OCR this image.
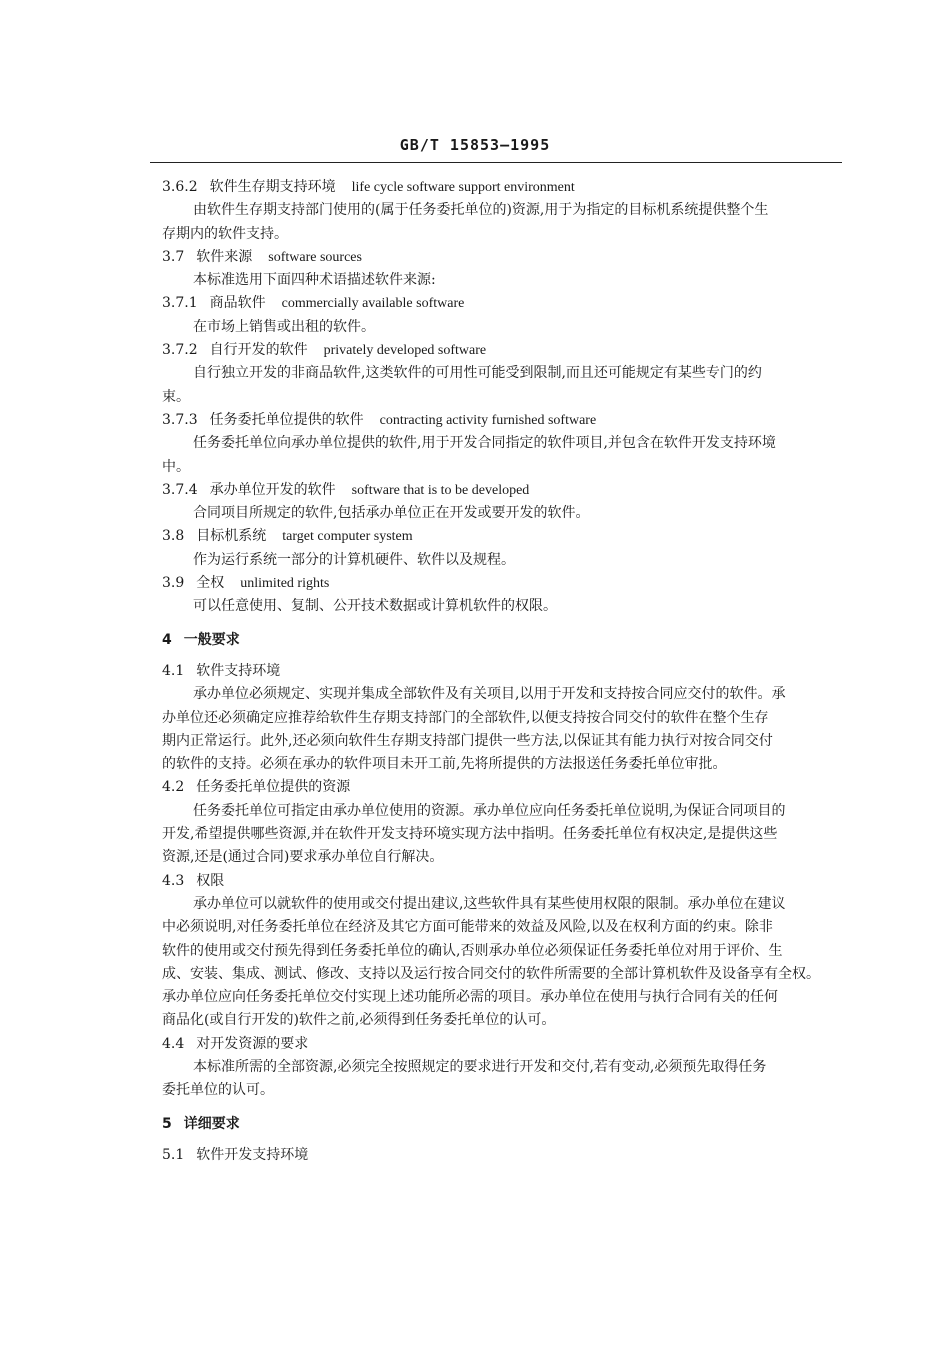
GB/T 15853—1995
3.6.2 软件生存期支持环境 life cycle software support environment
由软件生存期支持部门使用的(属于任务委托单位的)资源,用于为指定的目标机系统提供整个生
存期内的软件支持。
3.7 软件来源 software sources
本标准选用下面四种术语描述软件来源:
3.7.1 商品软件 commercially available software
在市场上销售或出租的软件。
3.7.2 自行开发的软件 privately developed software
自行独立开发的非商品软件,这类软件的可用性可能受到限制,而且还可能规定有某些专门的约
束。
3.7.3 任务委托单位提供的软件 contracting activity furnished software
任务委托单位向承办单位提供的软件,用于开发合同指定的软件项目,并包含在软件开发支持环境
中。
3.7.4 承办单位开发的软件 software that is to be developed
合同项目所规定的软件,包括承办单位正在开发或要开发的软件。
3.8 目标机系统 target computer system
作为运行系统一部分的计算机硬件、软件以及规程。
3.9 全权 unlimited rights
可以任意使用、复制、公开技术数据或计算机软件的权限。
4 一般要求
4.1 软件支持环境
承办单位必须规定、实现并集成全部软件及有关项目,以用于开发和支持按合同应交付的软件。承
办单位还必须确定应推荐给软件生存期支持部门的全部软件,以便支持按合同交付的软件在整个生存
期内正常运行。此外,还必须向软件生存期支持部门提供一些方法,以保证其有能力执行对按合同交付
的软件的支持。必须在承办的软件项目未开工前,先将所提供的方法报送任务委托单位审批。
4.2 任务委托单位提供的资源
任务委托单位可指定由承办单位使用的资源。承办单位应向任务委托单位说明,为保证合同项目的
开发,希望提供哪些资源,并在软件开发支持环境实现方法中指明。任务委托单位有权决定,是提供这些
资源,还是(通过合同)要求承办单位自行解决。
4.3 权限
承办单位可以就软件的使用或交付提出建议,这些软件具有某些使用权限的限制。承办单位在建议
中必须说明,对任务委托单位在经济及其它方面可能带来的效益及风险,以及在权利方面的约束。除非
软件的使用或交付预先得到任务委托单位的确认,否则承办单位必须保证任务委托单位对用于评价、生
成、安装、集成、测试、修改、支持以及运行按合同交付的软件所需要的全部计算机软件及设备享有全权。
承办单位应向任务委托单位交付实现上述功能所必需的项目。承办单位在使用与执行合同有关的任何
商品化(或自行开发的)软件之前,必须得到任务委托单位的认可。
4.4 对开发资源的要求
本标准所需的全部资源,必须完全按照规定的要求进行开发和交付,若有变动,必须预先取得任务
委托单位的认可。
5 详细要求
5.1 软件开发支持环境
